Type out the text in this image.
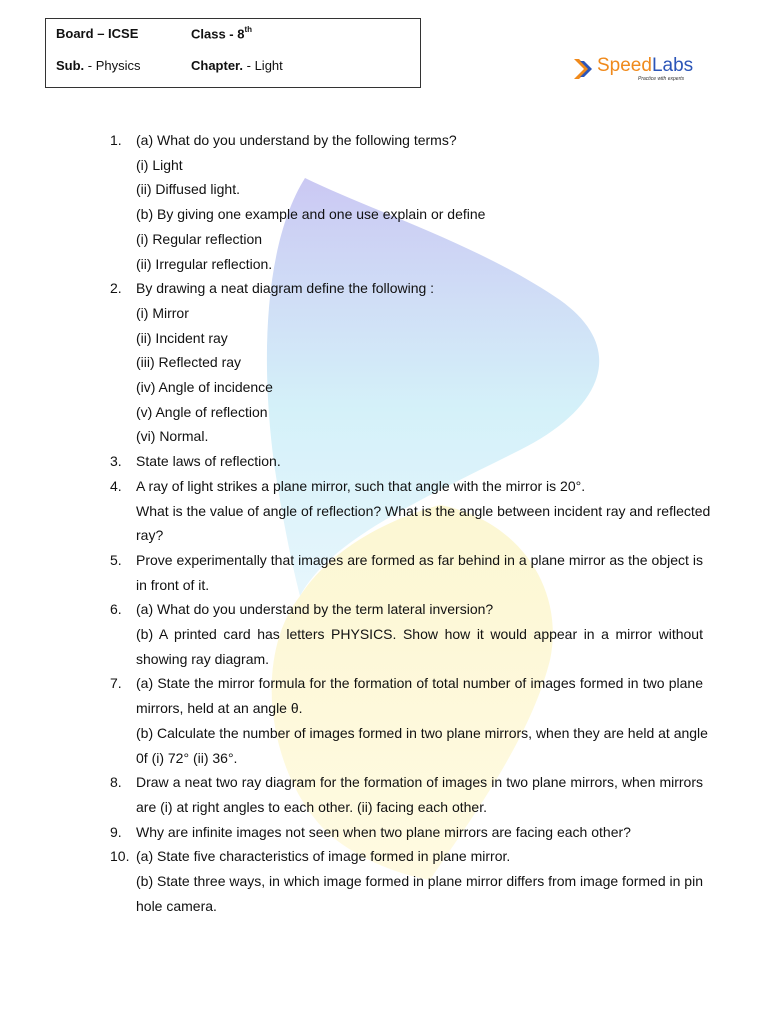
Board – ICSE	Class - 8th
Sub. - Physics	Chapter. - Light	SpeedLabs
Practice with experts
1. (a) What do you understand by the following terms?
(i) Light
(ii) Diffused light.
(b) By giving one example and one use explain or define
(i) Regular reflection
(ii) Irregular reflection.
2. By drawing a neat diagram define the following :
(i) Mirror
(ii) Incident ray
(iii) Reflected ray
(iv) Angle of incidence
(v) Angle of reflection
(vi) Normal.
3. State laws of reflection.
4. A ray of light strikes a plane mirror, such that angle with the mirror is 20°.
What is the value of angle of reflection? What is the angle between incident ray and reflected
ray?
5. Prove experimentally that images are formed as far behind in a plane mirror as the object is
in front of it.
6. (a) What do you understand by the term lateral inversion?
(b) A printed card has letters PHYSICS. Show how it would appear in a mirror without
showing ray diagram.
7. (a) State the mirror formula for the formation of total number of images formed in two plane
mirrors, held at an angle θ.
(b) Calculate the number of images formed in two plane mirrors, when they are held at angle
0f (i) 72° (ii) 36°.
8. Draw a neat two ray diagram for the formation of images in two plane mirrors, when mirrors
are (i) at right angles to each other. (ii) facing each other.
9. Why are infinite images not seen when two plane mirrors are facing each other?
10. (a) State five characteristics of image formed in plane mirror.
(b) State three ways, in which image formed in plane mirror differs from image formed in pin
hole camera.
